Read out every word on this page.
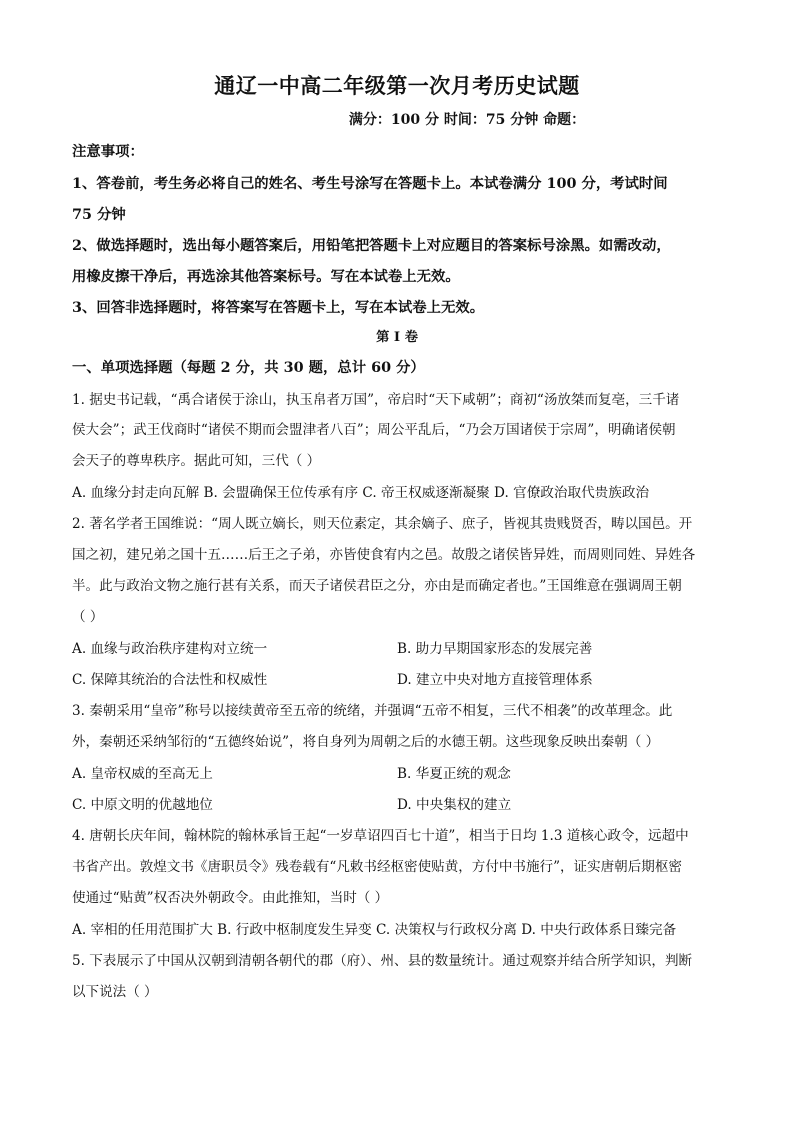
通辽一中高二年级第一次月考历史试题
满分：100 分 时间：75 分钟 命题：
注意事项：
1、答卷前，考生务必将自己的姓名、考生号涂写在答题卡上。本试卷满分 100 分，考试时间
75 分钟
2、做选择题时，选出每小题答案后，用铅笔把答题卡上对应题目的答案标号涂黑。如需改动，
用橡皮擦干净后，再选涂其他答案标号。写在本试卷上无效。
3、回答非选择题时，将答案写在答题卡上，写在本试卷上无效。
第 I 卷
一、单项选择题（每题 2 分，共 30 题，总计 60 分）
1. 据史书记载，“禹合诸侯于涂山，执玉帛者万国”，帝启时“天下咸朝”；商初“汤放桀而复亳，三千诸
侯大会”；武王伐商时“诸侯不期而会盟津者八百”；周公平乱后，“乃会万国诸侯于宗周”，明确诸侯朝
会天子的尊卑秩序。据此可知，三代（ ）
A. 血缘分封走向瓦解 B. 会盟确保王位传承有序 C. 帝王权威逐渐凝聚 D. 官僚政治取代贵族政治
2. 著名学者王国维说：“周人既立嫡长，则天位素定，其余嫡子、庶子，皆视其贵贱贤否，畴以国邑。开
国之初，建兄弟之国十五……后王之子弟，亦皆使食宥内之邑。故殷之诸侯皆异姓，而周则同姓、异姓各
半。此与政治文物之施行甚有关系，而天子诸侯君臣之分，亦由是而确定者也。”王国维意在强调周王朝
（ ）
A. 血缘与政治秩序建构对立统一	B. 助力早期国家形态的发展完善
C. 保障其统治的合法性和权威性	D. 建立中央对地方直接管理体系
3. 秦朝采用“皇帝”称号以接续黄帝至五帝的统绪，并强调“五帝不相复，三代不相袭”的改革理念。此
外，秦朝还采纳邹衍的“五德终始说”，将自身列为周朝之后的水德王朝。这些现象反映出秦朝（ ）
A. 皇帝权威的至高无上	B. 华夏正统的观念
C. 中原文明的优越地位	D. 中央集权的建立
4. 唐朝长庆年间，翰林院的翰林承旨王起“一岁草诏四百七十道”，相当于日均 1.3 道核心政令，远超中
书省产出。敦煌文书《唐职员令》残卷载有“凡敕书经枢密使贴黄，方付中书施行”，证实唐朝后期枢密
使通过“贴黄”权否决外朝政令。由此推知，当时（ ）
A. 宰相的任用范围扩大 B. 行政中枢制度发生异变 C. 决策权与行政权分离 D. 中央行政体系日臻完备
5. 下表展示了中国从汉朝到清朝各朝代的郡（府）、州、县的数量统计。通过观察并结合所学知识，判断
以下说法（ ）
